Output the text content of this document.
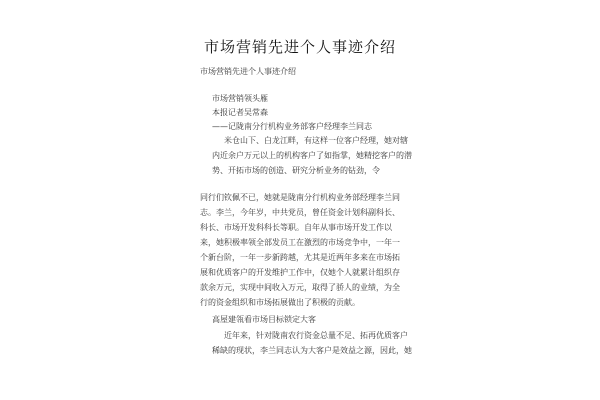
市场营销先进个人事迹介绍
市场营销先进个人事迹介绍
市场营销领头雁
本报记者吴常森
——记陇南分行机构业务部客户经理李兰同志
米仓山下、白龙江畔，有这样一位客户经理，她对辖
内近余户万元以上的机构客户了如指掌，她精挖客户的潜
势、开拓市场的创造、研究分析业务的钻劲，令
同行们钦佩不已，她就是陇南分行机构业务部经理李兰同
志。李兰，今年岁，中共党员，曾任资金计划科副科长、
科长、市场开发科科长等职。自年从事市场开发工作以
来，她积极率领全部发员工在激烈的市场竞争中，一年一
个新台阶，一年一步新跨越，尤其是近两年多来在市场拓
展和优质客户的开发维护工作中，仅她个人就累计组织存
款余万元，实现中间收入万元，取得了骄人的业绩，为全
行的资金组织和市场拓展做出了积极的贡献。
高屋建瓴看市场目标锁定大客
近年来，针对陇南农行资金总量不足、拓再优质客户
稀缺的现状，李兰同志认为大客户是效益之源，因此，她
